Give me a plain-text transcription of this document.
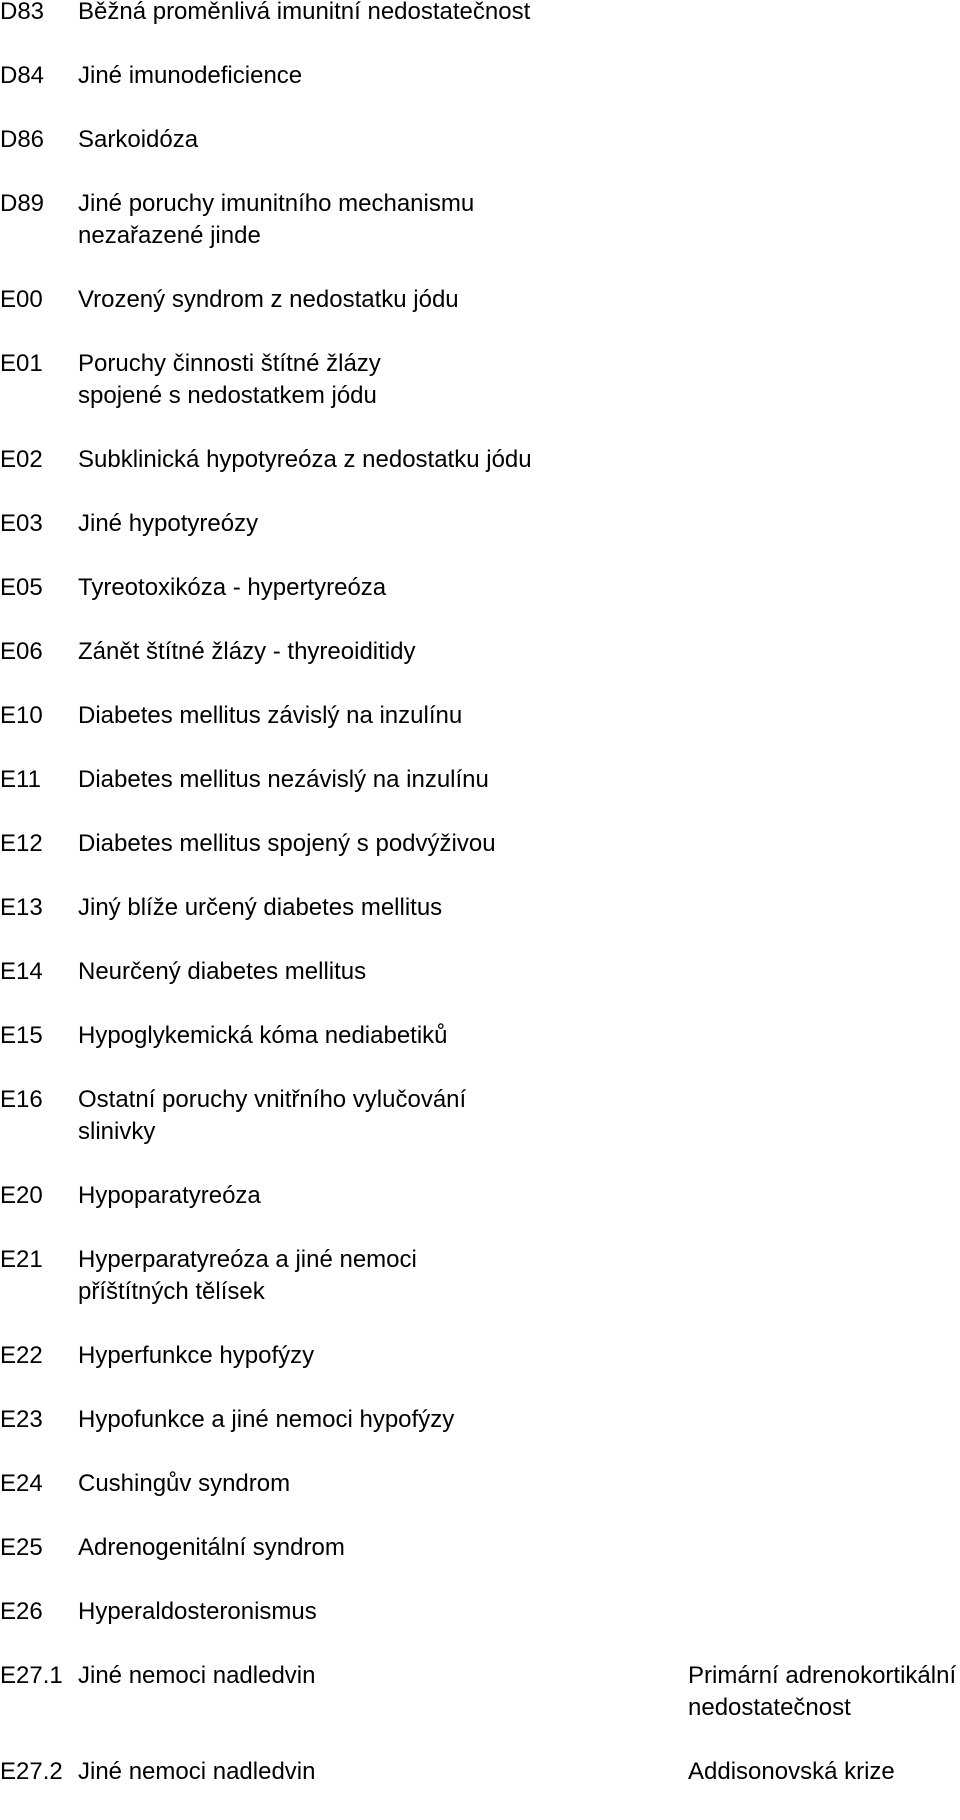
D83 Běžná proměnlivá imunitní nedostatečnost
D84 Jiné imunodeficience
D86 Sarkoidóza
D89 Jiné poruchy imunitního mechanismu
nezařazené jinde
E00 Vrozený syndrom z nedostatku jódu
E01 Poruchy činnosti štítné žlázy
spojené s nedostatkem jódu
E02 Subklinická hypotyreóza z nedostatku jódu
E03 Jiné hypotyreózy
E05 Tyreotoxikóza - hypertyreóza
E06 Zánět štítné žlázy - thyreoiditidy
E10 Diabetes mellitus závislý na inzulínu
E11 Diabetes mellitus nezávislý na inzulínu
E12 Diabetes mellitus spojený s podvýživou
E13 Jiný blíže určený diabetes mellitus
E14 Neurčený diabetes mellitus
E15 Hypoglykemická kóma nediabetiků
E16 Ostatní poruchy vnitřního vylučování
slinivky
E20 Hypoparatyreóza
E21 Hyperparatyreóza a jiné nemoci
příštítných tělísek
E22 Hyperfunkce hypofýzy
E23 Hypofunkce a jiné nemoci hypofýzy
E24 Cushingův syndrom
E25 Adrenogenitální syndrom
E26 Hyperaldosteronismus
E27.1 Jiné nemoci nadledvin	Primární adrenokortikální
nedostatečnost
E27.2 Jiné nemoci nadledvin	Addisonovská krize
